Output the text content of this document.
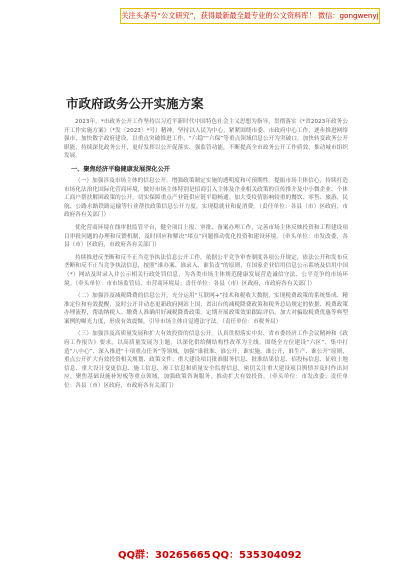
关注头条号“公文研究”，获得最新最全最专业的公文资料库！ 微信：gongwenyj
市政府政务公开实施方案

2023年，*市政务公开工作坚持以习近平新时代中国特色社会主义思想为指导，贯彻落实《*省2023年政务公开工作实施方案》（*发〔2023〕*号）精神，坚持以人民为中心，紧紧围绕市委、市政府中心工作，逐步推进网络强市，加快数字政府建设，以重点突破推进工作、“六稳”“六保”等重点领域信息公开为突破口，加快转变政务公开职能，持续深化政务公开，更好发挥以公开促落实、强监管功能，不断提高全市政务公开工作质效，推动城市组织发展。

一、聚焦经济平稳健康发展深化公开

（一）加强涉及市场主体的信息公开。增强政策制定实施的透明度和可预期性。提振市场主体信心，持续打造市场化法治化国际化营商环境，做好市场主体特别是招商引入主体及企业相关政策的宣传推介及中小微企业、个体工商户帮扶解困政策的公开，切实保障重点产业链供应链平稳畅通。加大受疫情影响较重的餐饮、零售、旅游、民航、公路水路铁路运输等行业帮扶政策信息公开力度，实现稳就业和促消费。（责任单位：各县（市）区政府，市政府各有关部门）

优化营商环境在线审批监管平台，健全项目上报、审批、备案办理工作，完善市场主体反映投资和工程建设项目审批问题的办理和反馈机制，及时回应和解决“堵点”问题推动优化投资和建设环境。（牵头单位：市发改委，各县（市）区政府，市政府各有关部门）

持续推进反垄断和反不正当竞争执法信息公开工作。依据公平竞争审查制度各项公开规定，依法公开和发布反垄断和反不正当竞争执法信息，按照“谁办案、谁录入、谁负责”的原则，在国家企业信用信息公示系统及信用中国（*）网站及时录入并公示相关行政处罚信息，为各类市场主体规范健康发展营造诚信守法、公平竞争的市场环境。（牵头单位：市市场监管局、市营商环境局；责任单位：各县（市）区政府，市政府各有关部门）

（二）加强涉及减税降费的信息公开。充分运用“互联网+”技术和税收大数据，实现税费政策的系统集成、精准定位和有效提醒，及时公开并动态更新政府网站上国、省出台的减税降费政策和税务总局规定的依据、税费政策办理流程，帮助纳税人、缴费人准确用好减税降费政策。定期开展政策效果跟踪评估，加大对骗取税费优惠等典型案例的曝光力度，形成有效震慑，引导市场主体自觉遵法守法。（责任单位：市税务局）

（三）加强涉及高质量发展和扩大有效投资的信息公开。认真贯彻落实中央、省市委经济工作会议精神和《政府工作报告》要求，以高质量发展为主题，以深化供给侧结构性改革为主线，围绕全方位建设“六区”、集中打造“八中心”、深入推进“十项重点任务”等领域，加强“谁批准、谁公开，谁实施、谁公开，谁生产、谁公开”原则，重点公开扩大有效投资相关规划、政策文件；重大建设项目批准服务信息、批准结果信息、招投标信息、征收土地信息、重大设计变更信息、施工信息、竣工信息和质量安全监督信息，密切关注重大建设项目舆情并及时作出回应。聚焦基础设施补短板等重点领域，加强政策咨询服务，推动扩大有效投资。（牵头单位：市发改委；责任单位：各县（市）区政府，市政府各有关部门）

QQ群：30265665 QQ：535304092
